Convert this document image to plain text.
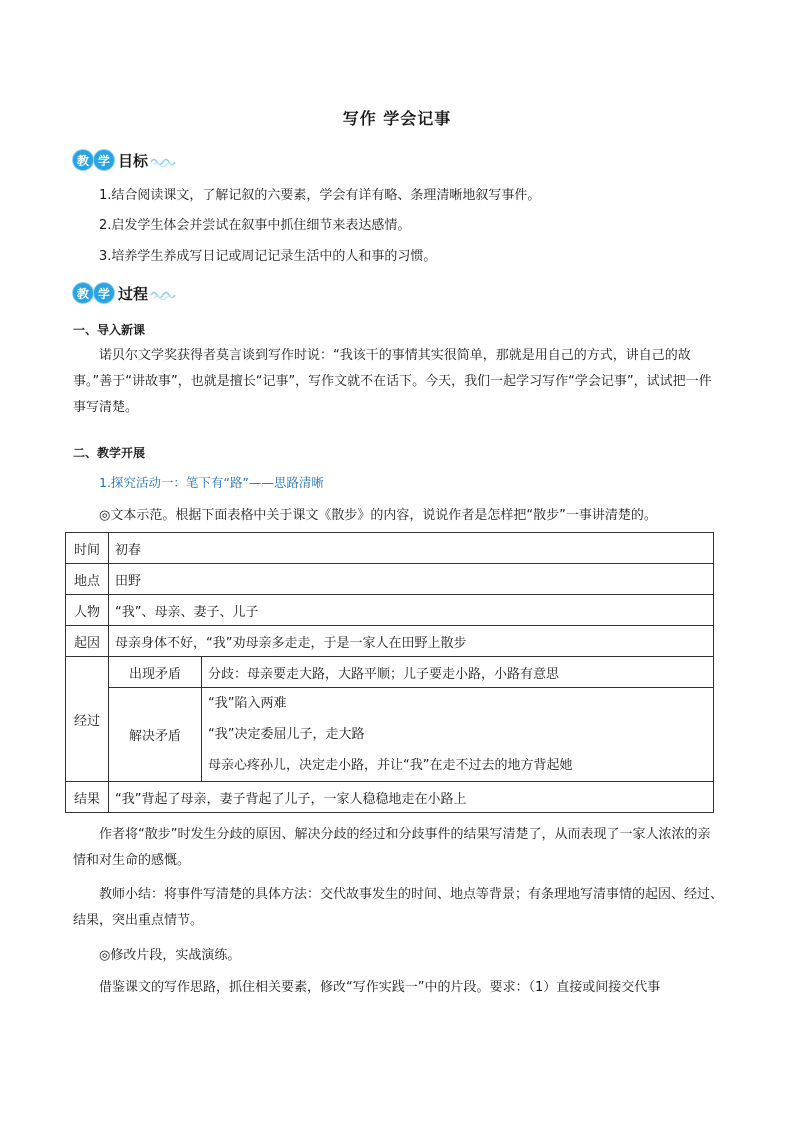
写作 学会记事
教 学 目标
1.结合阅读课文，了解记叙的六要素，学会有详有略、条理清晰地叙写事件。
2.启发学生体会并尝试在叙事中抓住细节来表达感情。
3.培养学生养成写日记或周记记录生活中的人和事的习惯。
教 学 过程
一、导入新课
诺贝尔文学奖获得者莫言谈到写作时说：“我该干的事情其实很简单，那就是用自己的方式，讲自己的故事。”善于“讲故事”，也就是擅长“记事”，写作文就不在话下。今天，我们一起学习写作“学会记事”，试试把一件事写清楚。
二、教学开展
1.探究活动一：笔下有“路”——思路清晰
◎文本示范。根据下面表格中关于课文《散步》的内容，说说作者是怎样把“散步”一事讲清楚的。
时间	初春	
地点	田野	
人物	“我”、母亲、妻子、儿子	
起因	母亲身体不好，“我”劝母亲多走走，于是一家人在田野上散步	
经过	出现矛盾	分歧：母亲要走大路，大路平顺；儿子要走小路，小路有意思
	解决矛盾	“我”陷入两难
“我”决定委屈儿子，走大路
母亲心疼孙儿，决定走小路，并让“我”在走不过去的地方背起她

结果	“我”背起了母亲，妻子背起了儿子，一家人稳稳地走在小路上	
作者将“散步”时发生分歧的原因、解决分歧的经过和分歧事件的结果写清楚了，从而表现了一家人浓浓的亲情和对生命的感慨。
教师小结：将事件写清楚的具体方法：交代故事发生的时间、地点等背景；有条理地写清事情的起因、经过、结果，突出重点情节。
◎修改片段，实战演练。
借鉴课文的写作思路，抓住相关要素，修改“写作实践一”中的片段。要求：（1）直接或间接交代事
